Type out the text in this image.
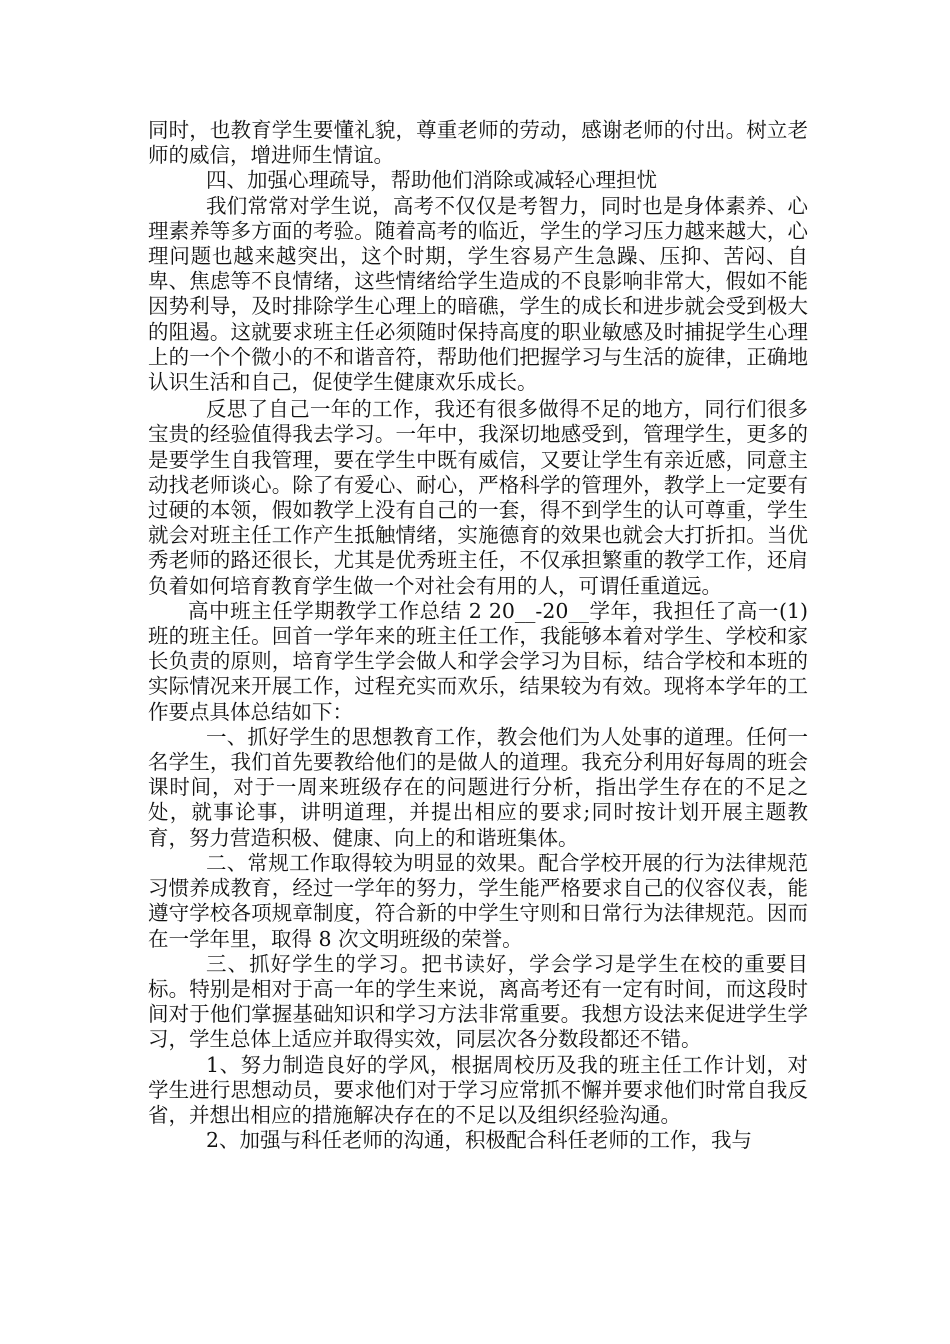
同时，也教育学生要懂礼貌，尊重老师的劳动，感谢老师的付出。树立老师的威信，增进师生情谊。

四、加强心理疏导，帮助他们消除或减轻心理担忧

我们常常对学生说，高考不仅仅是考智力，同时也是身体素养、心理素养等多方面的考验。随着高考的临近，学生的学习压力越来越大，心理问题也越来越突出，这个时期，学生容易产生急躁、压抑、苦闷、自卑、焦虑等不良情绪，这些情绪给学生造成的不良影响非常大，假如不能因势利导，及时排除学生心理上的暗礁，学生的成长和进步就会受到极大的阻遏。这就要求班主任必须随时保持高度的职业敏感及时捕捉学生心理上的一个个微小的不和谐音符，帮助他们把握学习与生活的旋律，正确地认识生活和自己，促使学生健康欢乐成长。

反思了自己一年的工作，我还有很多做得不足的地方，同行们很多宝贵的经验值得我去学习。一年中，我深切地感受到，管理学生，更多的是要学生自我管理，要在学生中既有威信，又要让学生有亲近感，同意主动找老师谈心。除了有爱心、耐心，严格科学的管理外，教学上一定要有过硬的本领，假如教学上没有自己的一套，得不到学生的认可尊重，学生就会对班主任工作产生抵触情绪，实施德育的效果也就会大打折扣。当优秀老师的路还很长，尤其是优秀班主任，不仅承担繁重的教学工作，还肩负着如何培育教育学生做一个对社会有用的人，可谓任重道远。

高中班主任学期教学工作总结 2 20__-20__学年，我担任了高一(1)班的班主任。回首一学年来的班主任工作，我能够本着对学生、学校和家长负责的原则，培育学生学会做人和学会学习为目标，结合学校和本班的实际情况来开展工作，过程充实而欢乐，结果较为有效。现将本学年的工作要点具体总结如下：

一、抓好学生的思想教育工作，教会他们为人处事的道理。任何一名学生，我们首先要教给他们的是做人的道理。我充分利用好每周的班会课时间，对于一周来班级存在的问题进行分析，指出学生存在的不足之处，就事论事，讲明道理，并提出相应的要求;同时按计划开展主题教育，努力营造积极、健康、向上的和谐班集体。

二、常规工作取得较为明显的效果。配合学校开展的行为法律规范习惯养成教育，经过一学年的努力，学生能严格要求自己的仪容仪表，能遵守学校各项规章制度，符合新的中学生守则和日常行为法律规范。因而在一学年里，取得 8 次文明班级的荣誉。

三、抓好学生的学习。把书读好，学会学习是学生在校的重要目标。特别是相对于高一年的学生来说，离高考还有一定有时间，而这段时间对于他们掌握基础知识和学习方法非常重要。我想方设法来促进学生学习，学生总体上适应并取得实效，同层次各分数段都还不错。

1、努力制造良好的学风，根据周校历及我的班主任工作计划，对学生进行思想动员，要求他们对于学习应常抓不懈并要求他们时常自我反省，并想出相应的措施解决存在的不足以及组织经验沟通。

2、加强与科任老师的沟通，积极配合科任老师的工作，我与
